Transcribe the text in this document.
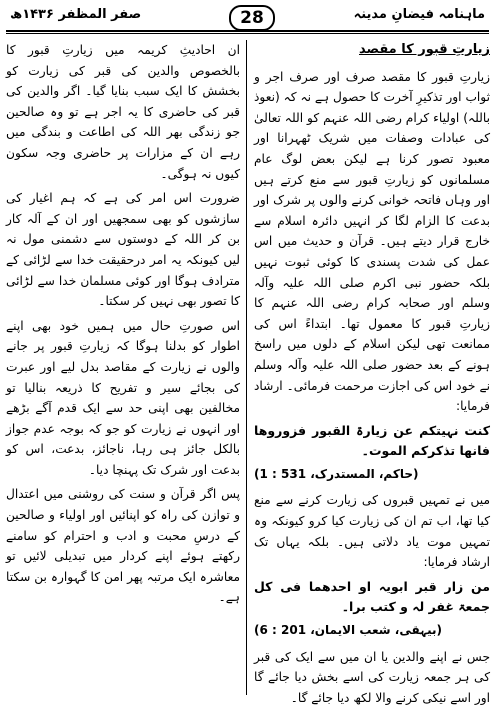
ماہنامہ فیضانِ مدینہ
28
صفر المظفر ۱۴۳۶ھ
زیارتِ قبور کا مقصد

زیارتِ قبور کا مقصد صرف اور صرف اجر و ثواب اور تذکیرِ آخرت کا حصول ہے نہ کہ (نعوذ باللہ) اولیاء کرام رضی اللہ عنہم کو اللہ تعالیٰ کی عبادات وصفات میں شریک ٹھہرانا اور معبود تصور کرنا ہے لیکن بعض لوگ عام مسلمانوں کو زیارتِ قبور سے منع کرتے ہیں اور وہاں فاتحہ خوانی کرنے والوں پر شرک اور بدعت کا الزام لگا کر انہیں دائرہ اسلام سے خارج قرار دیتے ہیں۔ قرآن و حدیث میں اس عمل کی شدت پسندی کا کوئی ثبوت نہیں بلکہ حضور نبی اکرم صلی اللہ علیہ وآلہ وسلم اور صحابہ کرام رضی اللہ عنہم کا زیارتِ قبور کا معمول تھا۔ ابتداءً اس کی ممانعت تھی لیکن اسلام کے دلوں میں راسخ ہونے کے بعد حضور صلی اللہ علیہ وآلہ وسلم نے خود اس کی اجازت مرحمت فرمائی۔ ارشاد فرمایا:

کنت نہیتکم عن زیارۃ القبور فزوروھا فانھا تذکرکم الموت۔
(حاکم، المستدرک، 531 : 1)

میں نے تمہیں قبروں کی زیارت کرنے سے منع کیا تھا، اب تم ان کی زیارت کیا کرو کیونکہ وہ تمہیں موت یاد دلاتی ہیں۔ بلکہ یہاں تک ارشاد فرمایا:

من زار قبر ابویہ او احدھما فی کل جمعۃ غفر لہ و کتب برا۔
(بیہقی، شعب الایمان، 201 : 6)

جس نے اپنے والدین یا ان میں سے ایک کی قبر کی ہر جمعہ زیارت کی اسے بخش دیا جائے گا اور اسے نیکی کرنے والا لکھ دیا جائے گا۔

ان احادیثِ کریمہ میں زیارتِ قبور کا بالخصوص والدین کی قبر کی زیارت کو بخشش کا ایک سبب بنایا گیا۔ اگر والدین کی قبر کی حاضری کا یہ اجر ہے تو وہ صالحین جو زندگی بھر اللہ کی اطاعت و بندگی میں رہے ان کے مزارات پر حاضری وجہ سکون کیوں نہ ہوگی۔

ضرورت اس امر کی ہے کہ ہم اغیار کی سازشوں کو بھی سمجھیں اور ان کے آلہ کار بن کر اللہ کے دوستوں سے دشمنی مول نہ لیں کیونکہ یہ امر درحقیقت خدا سے لڑائی کے مترادف ہوگا اور کوئی مسلمان خدا سے لڑائی کا تصور بھی نہیں کر سکتا۔

اس صورتِ حال میں ہمیں خود بھی اپنے اطوار کو بدلنا ہوگا کہ زیارتِ قبور پر جانے والوں نے زیارت کے مقاصد بدل لیے اور عبرت کی بجائے سیر و تفریح کا ذریعہ بنالیا تو مخالفین بھی اپنی حد سے ایک قدم آگے بڑھے اور انہوں نے زیارت کو جو کہ بوجہ عدم جواز بالکل جائز ہی رہا، ناجائز، بدعت، اس کو بدعت اور شرک تک پہنچا دیا۔

پس اگر قرآن و سنت کی روشنی میں اعتدال و توازن کی راہ کو اپنائیں اور اولیاء و صالحین کے درسِ محبت و ادب و احترام کو سامنے رکھتے ہوئے اپنے کردار میں تبدیلی لائیں تو معاشرہ ایک مرتبہ پھر امن کا گہوارہ بن سکتا ہے۔
